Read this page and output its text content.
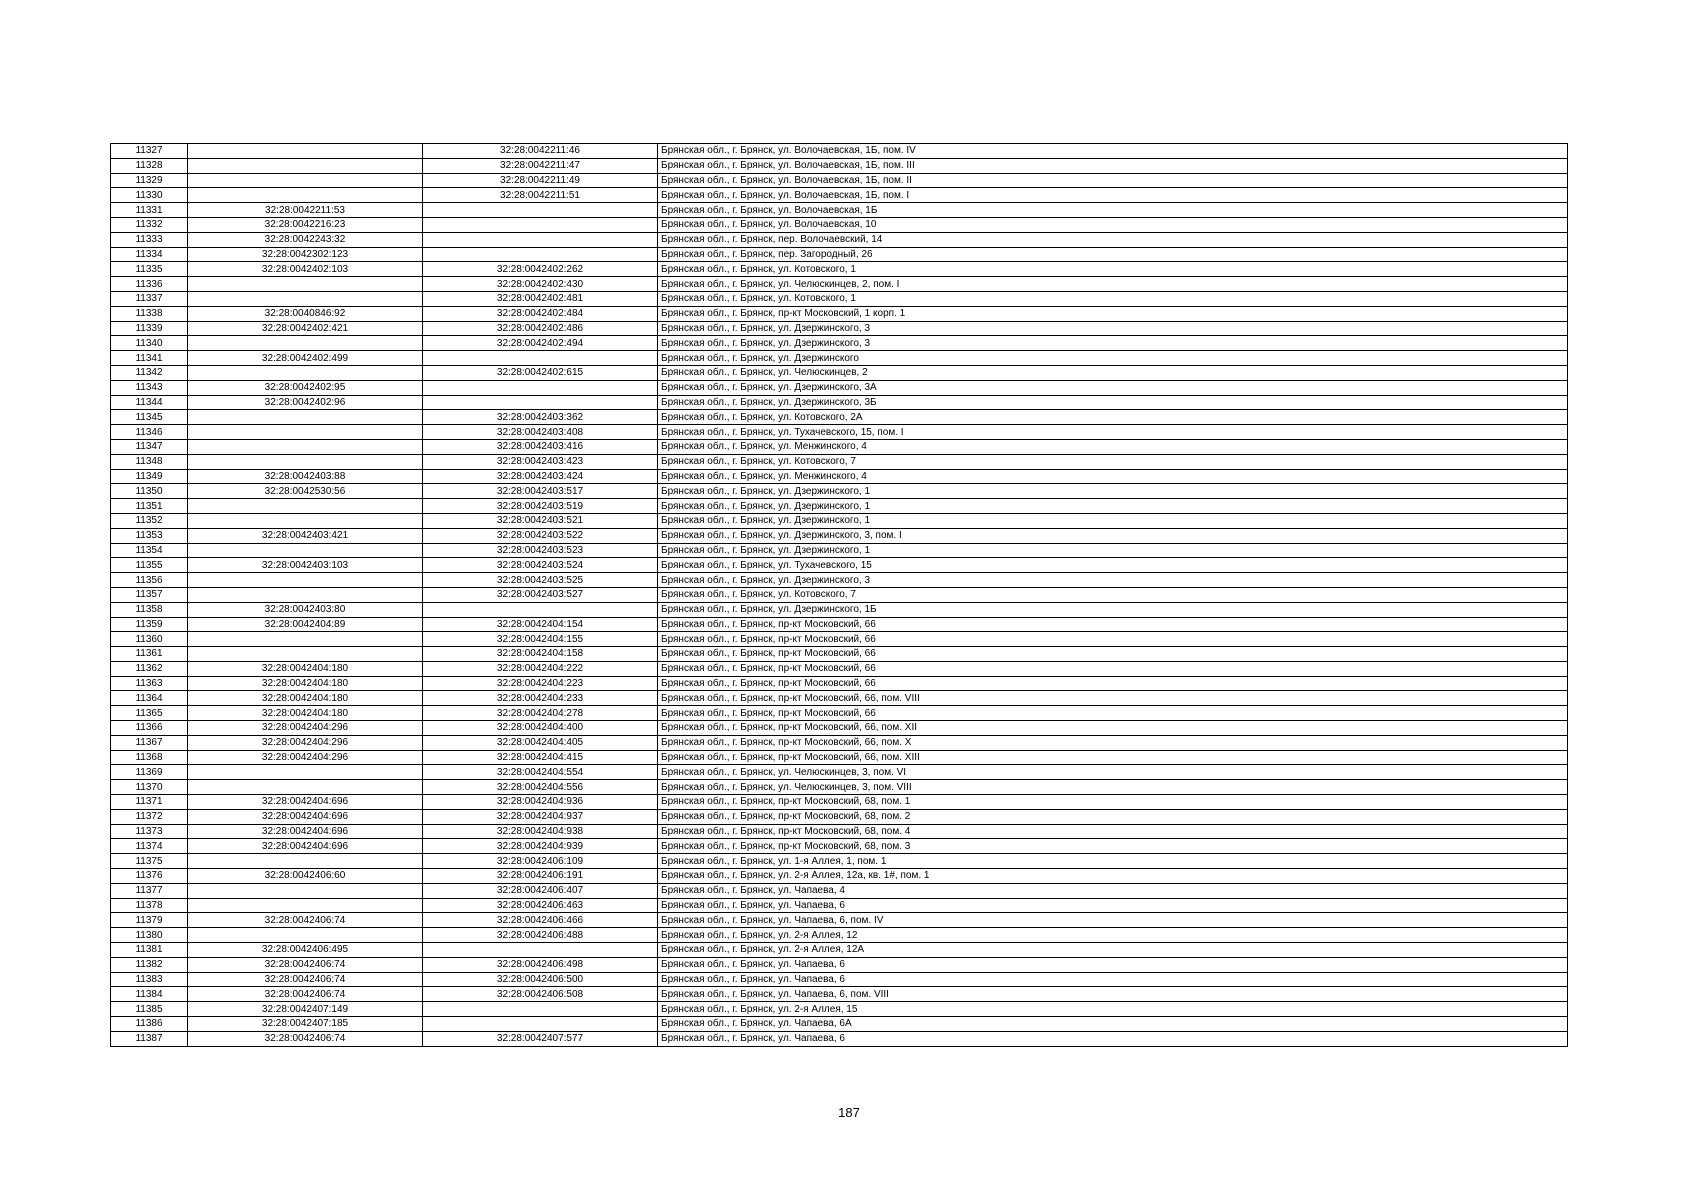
11327		32:28:0042211:46	Брянская обл., г. Брянск, ул. Волочаевская, 1Б, пом. IV
11328		32:28:0042211:47	Брянская обл., г. Брянск, ул. Волочаевская, 1Б, пом. III
11329		32:28:0042211:49	Брянская обл., г. Брянск, ул. Волочаевская, 1Б, пом. II
11330		32:28:0042211:51	Брянская обл., г. Брянск, ул. Волочаевская, 1Б, пом. I
11331	32:28:0042211:53		Брянская обл., г. Брянск, ул. Волочаевская, 1Б
11332	32:28:0042216:23		Брянская обл., г. Брянск, ул. Волочаевская, 10
11333	32:28:0042243:32		Брянская обл., г. Брянск, пер. Волочаевский, 14
11334	32:28:0042302:123		Брянская обл., г. Брянск, пер. Загородный, 26
11335	32:28:0042402:103	32:28:0042402:262	Брянская обл., г. Брянск, ул. Котовского, 1
11336		32:28:0042402:430	Брянская обл., г. Брянск, ул. Челюскинцев, 2, пом. I
11337		32:28:0042402:481	Брянская обл., г. Брянск, ул. Котовского, 1
11338	32:28:0040846:92	32:28:0042402:484	Брянская обл., г. Брянск, пр-кт Московский, 1 корп. 1
11339	32:28:0042402:421	32:28:0042402:486	Брянская обл., г. Брянск, ул. Дзержинского, 3
11340		32:28:0042402:494	Брянская обл., г. Брянск, ул. Дзержинского, 3
11341	32:28:0042402:499		Брянская обл., г. Брянск, ул. Дзержинского
11342		32:28:0042402:615	Брянская обл., г. Брянск, ул. Челюскинцев, 2
11343	32:28:0042402:95		Брянская обл., г. Брянск, ул. Дзержинского, 3А
11344	32:28:0042402:96		Брянская обл., г. Брянск, ул. Дзержинского, 3Б
11345		32:28:0042403:362	Брянская обл., г. Брянск, ул. Котовского, 2А
11346		32:28:0042403:408	Брянская обл., г. Брянск, ул. Тухачевского, 15, пом. I
11347		32:28:0042403:416	Брянская обл., г. Брянск, ул. Менжинского, 4
11348		32:28:0042403:423	Брянская обл., г. Брянск, ул. Котовского, 7
11349	32:28:0042403:88	32:28:0042403:424	Брянская обл., г. Брянск, ул. Менжинского, 4
11350	32:28:0042530:56	32:28:0042403:517	Брянская обл., г. Брянск, ул. Дзержинского, 1
11351		32:28:0042403:519	Брянская обл., г. Брянск, ул. Дзержинского, 1
11352		32:28:0042403:521	Брянская обл., г. Брянск, ул. Дзержинского, 1
11353	32:28:0042403:421	32:28:0042403:522	Брянская обл., г. Брянск, ул. Дзержинского, 3, пом. I
11354		32:28:0042403:523	Брянская обл., г. Брянск, ул. Дзержинского, 1
11355	32:28:0042403:103	32:28:0042403:524	Брянская обл., г. Брянск, ул. Тухачевского, 15
11356		32:28:0042403:525	Брянская обл., г. Брянск, ул. Дзержинского, 3
11357		32:28:0042403:527	Брянская обл., г. Брянск, ул. Котовского, 7
11358	32:28:0042403:80		Брянская обл., г. Брянск, ул. Дзержинского, 1Б
11359	32:28:0042404:89	32:28:0042404:154	Брянская обл., г. Брянск, пр-кт Московский, 66
11360		32:28:0042404:155	Брянская обл., г. Брянск, пр-кт Московский, 66
11361		32:28:0042404:158	Брянская обл., г. Брянск, пр-кт Московский, 66
11362	32:28:0042404:180	32:28:0042404:222	Брянская обл., г. Брянск, пр-кт Московский, 66
11363	32:28:0042404:180	32:28:0042404:223	Брянская обл., г. Брянск, пр-кт Московский, 66
11364	32:28:0042404:180	32:28:0042404:233	Брянская обл., г. Брянск, пр-кт Московский, 66, пом. VIII
11365	32:28:0042404:180	32:28:0042404:278	Брянская обл., г. Брянск, пр-кт Московский, 66
11366	32:28:0042404:296	32:28:0042404:400	Брянская обл., г. Брянск, пр-кт Московский, 66, пом. XII
11367	32:28:0042404:296	32:28:0042404:405	Брянская обл., г. Брянск, пр-кт Московский, 66, пом. X
11368	32:28:0042404:296	32:28:0042404:415	Брянская обл., г. Брянск, пр-кт Московский, 66, пом. XIII
11369		32:28:0042404:554	Брянская обл., г. Брянск, ул. Челюскинцев, 3, пом. VI
11370		32:28:0042404:556	Брянская обл., г. Брянск, ул. Челюскинцев, 3, пом. VIII
11371	32:28:0042404:696	32:28:0042404:936	Брянская обл., г. Брянск, пр-кт Московский, 68, пом. 1
11372	32:28:0042404:696	32:28:0042404:937	Брянская обл., г. Брянск, пр-кт Московский, 68, пом. 2
11373	32:28:0042404:696	32:28:0042404:938	Брянская обл., г. Брянск, пр-кт Московский, 68, пом. 4
11374	32:28:0042404:696	32:28:0042404:939	Брянская обл., г. Брянск, пр-кт Московский, 68, пом. 3
11375		32:28:0042406:109	Брянская обл., г. Брянск, ул. 1-я Аллея, 1, пом. 1
11376	32:28:0042406:60	32:28:0042406:191	Брянская обл., г. Брянск, ул. 2-я Аллея, 12а, кв. 1#, пом. 1
11377		32:28:0042406:407	Брянская обл., г. Брянск, ул. Чапаева, 4
11378		32:28:0042406:463	Брянская обл., г. Брянск, ул. Чапаева, 6
11379	32:28:0042406:74	32:28:0042406:466	Брянская обл., г. Брянск, ул. Чапаева, 6, пом. IV
11380		32:28:0042406:488	Брянская обл., г. Брянск, ул. 2-я Аллея, 12
11381	32:28:0042406:495		Брянская обл., г. Брянск, ул. 2-я Аллея, 12А
11382	32:28:0042406:74	32:28:0042406:498	Брянская обл., г. Брянск, ул. Чапаева, 6
11383	32:28:0042406:74	32:28:0042406:500	Брянская обл., г. Брянск, ул. Чапаева, 6
11384	32:28:0042406:74	32:28:0042406:508	Брянская обл., г. Брянск, ул. Чапаева, 6, пом. VIII
11385	32:28:0042407:149		Брянская обл., г. Брянск, ул. 2-я Аллея, 15
11386	32:28:0042407:185		Брянская обл., г. Брянск, ул. Чапаева, 6А
11387	32:28:0042406:74	32:28:0042407:577	Брянская обл., г. Брянск, ул. Чапаева, 6
187
